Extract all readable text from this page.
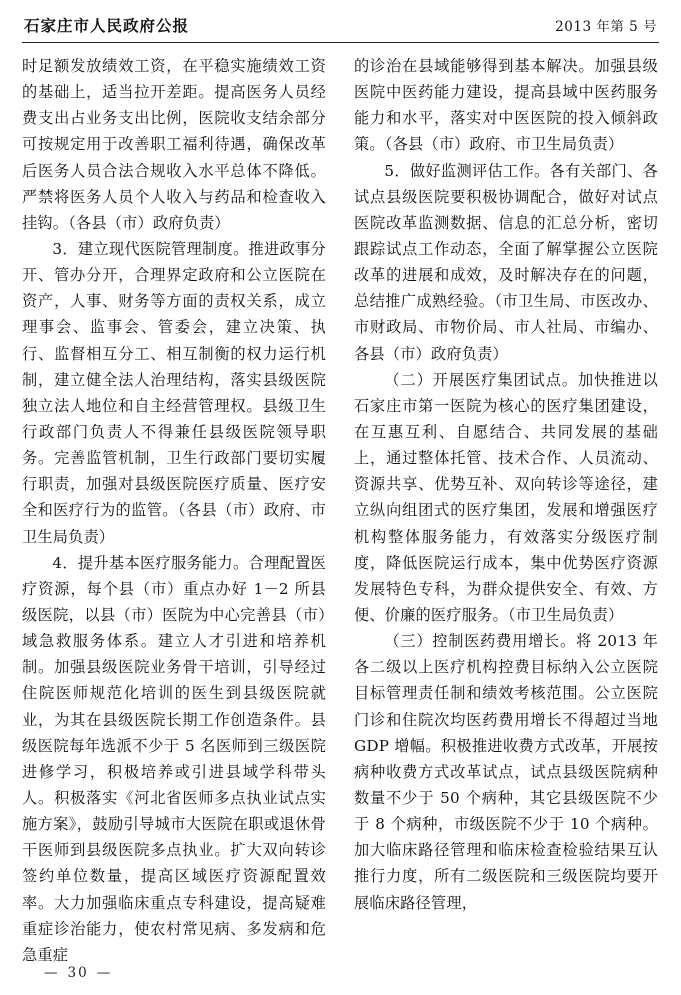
石家庄市人民政府公报	2013 年第 5 号

时足额发放绩效工资，在平稳实施绩效工资的基础上，适当拉开差距。提高医务人员经费支出占业务支出比例，医院收支结余部分可按规定用于改善职工福利待遇，确保改革后医务人员合法合规收入水平总体不降低。严禁将医务人员个人收入与药品和检查收入挂钩。（各县（市）政府负责）

3．建立现代医院管理制度。推进政事分开、管办分开，合理界定政府和公立医院在资产，人事、财务等方面的责权关系，成立理事会、监事会、管委会，建立决策、执行、监督相互分工、相互制衡的权力运行机制，建立健全法人治理结构，落实县级医院独立法人地位和自主经营管理权。县级卫生行政部门负责人不得兼任县级医院领导职务。完善监管机制，卫生行政部门要切实履行职责，加强对县级医院医疗质量、医疗安全和医疗行为的监管。（各县（市）政府、市卫生局负责）

4．提升基本医疗服务能力。合理配置医疗资源，每个县（市）重点办好 1－2 所县级医院，以县（市）医院为中心完善县（市）域急救服务体系。建立人才引进和培养机制。加强县级医院业务骨干培训，引导经过住院医师规范化培训的医生到县级医院就业，为其在县级医院长期工作创造条件。县级医院每年选派不少于 5 名医师到三级医院进修学习，积极培养或引进县域学科带头人。积极落实《河北省医师多点执业试点实施方案》，鼓励引导城市大医院在职或退休骨干医师到县级医院多点执业。扩大双向转诊签约单位数量，提高区域医疗资源配置效率。大力加强临床重点专科建设，提高疑难重症诊治能力，使农村常见病、多发病和危急重症

的诊治在县域能够得到基本解决。加强县级医院中医药能力建设，提高县域中医药服务能力和水平，落实对中医医院的投入倾斜政策。（各县（市）政府、市卫生局负责）

5．做好监测评估工作。各有关部门、各试点县级医院要积极协调配合，做好对试点医院改革监测数据、信息的汇总分析，密切跟踪试点工作动态，全面了解掌握公立医院改革的进展和成效，及时解决存在的问题，总结推广成熟经验。（市卫生局、市医改办、市财政局、市物价局、市人社局、市编办、各县（市）政府负责）

（二）开展医疗集团试点。加快推进以石家庄市第一医院为核心的医疗集团建设，在互惠互利、自愿结合、共同发展的基础上，通过整体托管、技术合作、人员流动、资源共享、优势互补、双向转诊等途径，建立纵向组团式的医疗集团，发展和增强医疗机构整体服务能力，有效落实分级医疗制度，降低医院运行成本，集中优势医疗资源发展特色专科，为群众提供安全、有效、方便、价廉的医疗服务。（市卫生局负责）

（三）控制医药费用增长。将 2013 年各二级以上医疗机构控费目标纳入公立医院目标管理责任制和绩效考核范围。公立医院门诊和住院次均医药费用增长不得超过当地 GDP 增幅。积极推进收费方式改革，开展按病种收费方式改革试点，试点县级医院病种数量不少于 50 个病种，其它县级医院不少于 8 个病种，市级医院不少于 10 个病种。加大临床路径管理和临床检查检验结果互认推行力度，所有二级医院和三级医院均要开展临床路径管理，

— 30 —
